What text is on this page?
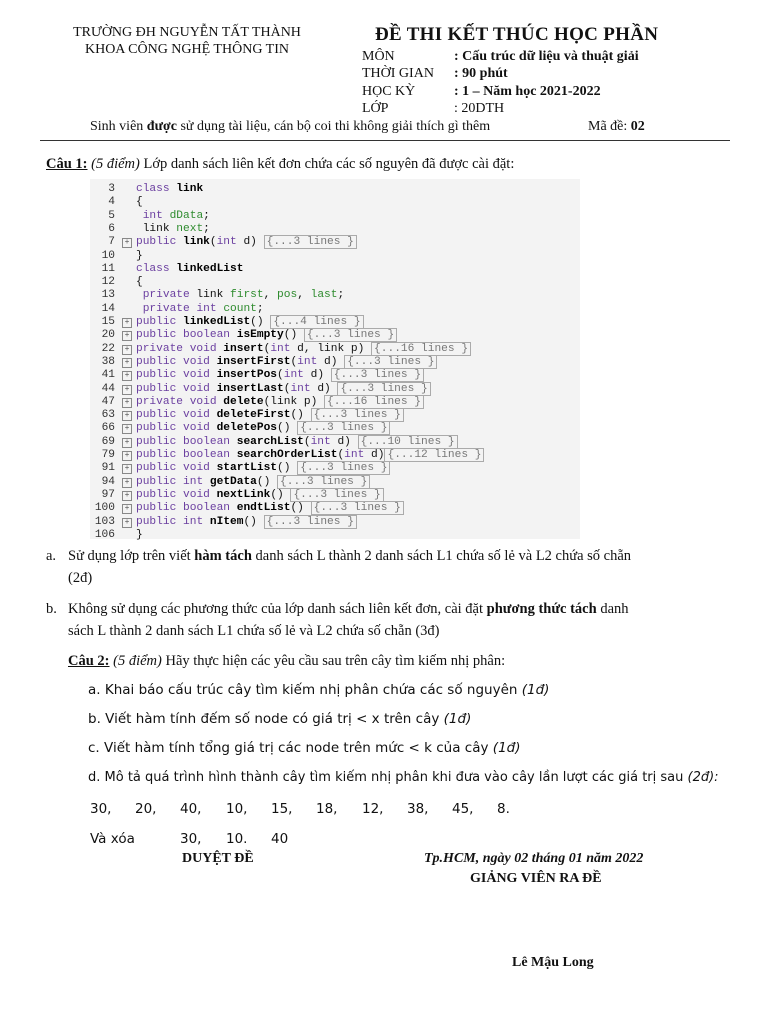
TRƯỜNG ĐH NGUYỄN TẤT THÀNH
KHOA CÔNG NGHỆ THÔNG TIN
ĐỀ THI KẾT THÚC HỌC PHẦN
MÔN	: Cấu trúc dữ liệu và thuật giải
THỜI GIAN : 90 phút
HỌC KỲ	: 1 – Năm học 2021-2022
LỚP	: 20DTH
Sinh viên được sử dụng tài liệu, cán bộ coi thi không giải thích gì thêm	Mã đề: 02
Câu 1: (5 điểm) Lớp danh sách liên kết đơn chứa các số nguyên đã được cài đặt:
3 class link
4 {
5	int dData;
6 link next;
7	+ public link(int d) {...3 lines }
10 }
11 class linkedList
12 {
13	private link first, pos, last;
14	private int count;
15	+ public linkedList() {...4 lines }
20	+ public boolean isEmpty() {...3 lines }
22	+ private void insert(int d, link p) {...16 lines }
38	+ public void insertFirst(int d) {...3 lines }
41	+ public void insertPos(int d) {...3 lines }
44	+ public void insertLast(int d) {...3 lines }
47	+ private void delete(link p) {...16 lines }
63	+ public void deleteFirst() {...3 lines }
66	+ public void deletePos() {...3 lines }
69	+ public boolean searchList(int d) {...10 lines }
79	+ public boolean searchOrderList(int d) {...12 lines }
91	+ public void startList() {...3 lines }
94	+ public int getData() {...3 lines }
97	+ public void nextLink() {...3 lines }
100	+ public boolean endtList() {...3 lines }
103	+ public int nItem() {...3 lines }
106 }
a. Sử dụng lớp trên viết hàm tách danh sách L thành 2 danh sách L1 chứa số lẻ và L2 chứa số chẵn
(2đ)
b. Không sử dụng các phương thức của lớp danh sách liên kết đơn, cài đặt phương thức tách danh
sách L thành 2 danh sách L1 chứa số lẻ và L2 chứa số chẵn (3đ)
Câu 2: (5 điểm) Hãy thực hiện các yêu cầu sau trên cây tìm kiếm nhị phân:
a. Khai báo cấu trúc cây tìm kiếm nhị phân chứa các số nguyên (1đ)
b. Viết hàm tính đếm số node có giá trị < x trên cây (1đ)
c. Viết hàm tính tổng giá trị các node trên mức < k của cây (1đ)
d. Mô tả quá trình hình thành cây tìm kiếm nhị phân khi đưa vào cây lần lượt các giá trị sau (2đ):
30, 20, 40, 10, 15, 18, 12, 38, 45, 8.
Và xóa	30, 10. 40
DUYỆT ĐỀ	Tp.HCM, ngày 02 tháng 01 năm 2022
GIẢNG VIÊN RA ĐỀ
Lê Mậu Long
